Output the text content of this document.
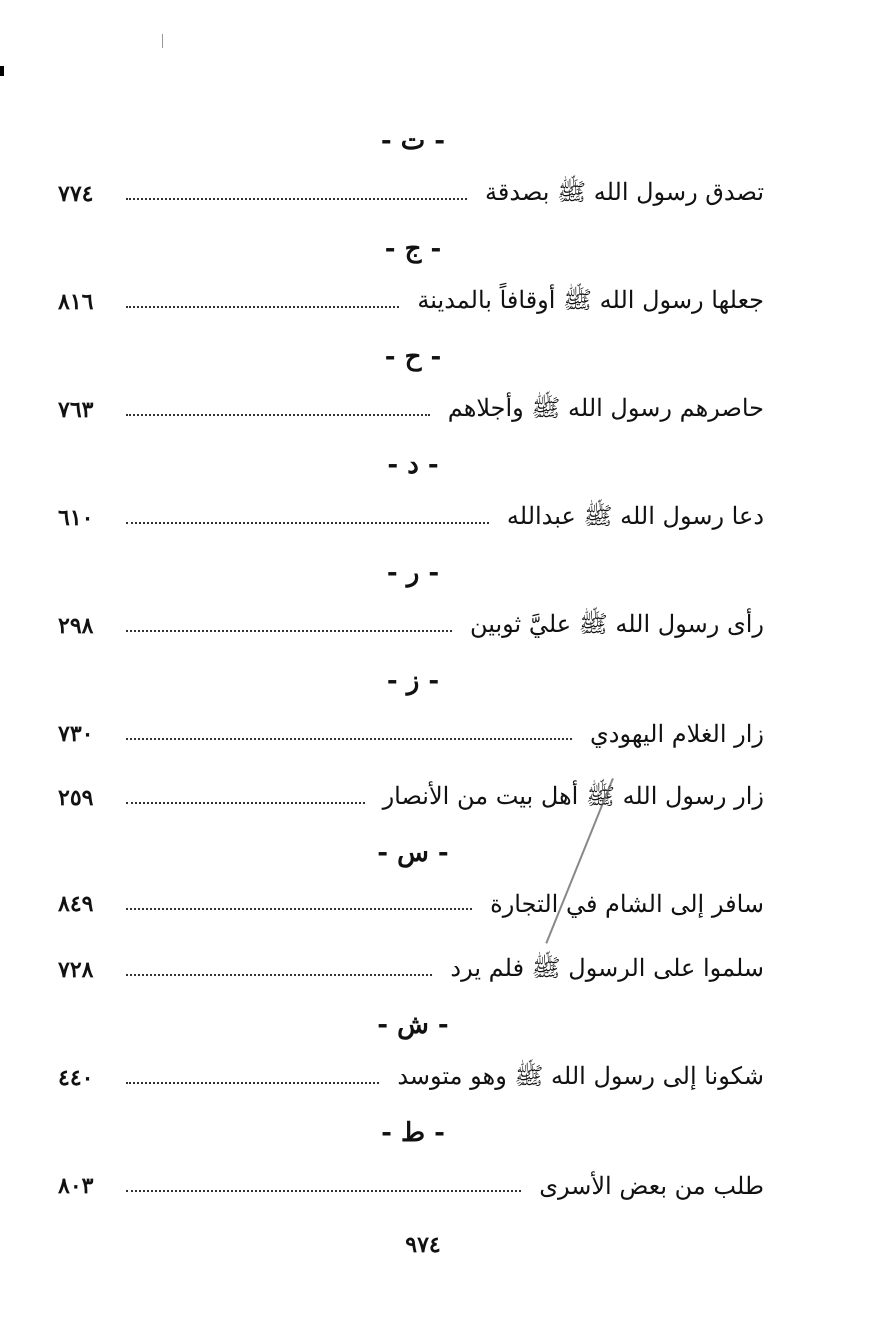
- ت -
تصدق رسول الله ﷺ بصدقة
٧٧٤
- ج -
جعلها رسول الله ﷺ أوقافاً بالمدينة
٨١٦
- ح -
حاصرهم رسول الله ﷺ وأجلاهم
٧٦٣
- د -
دعا رسول الله ﷺ عبدالله
٦١٠
- ر -
رأى رسول الله ﷺ عليَّ ثوبين
٢٩٨
- ز -
زار الغلام اليهودي
٧٣٠
زار رسول الله ﷺ أهل بيت من الأنصار
٢٥٩
- س -
سافر إلى الشام في التجارة
٨٤٩
سلموا على الرسول ﷺ فلم يرد
٧٢٨
- ش -
شكونا إلى رسول الله ﷺ وهو متوسد
٤٤٠
- ط -
طلب من بعض الأسرى
٨٠٣
٩٧٤
